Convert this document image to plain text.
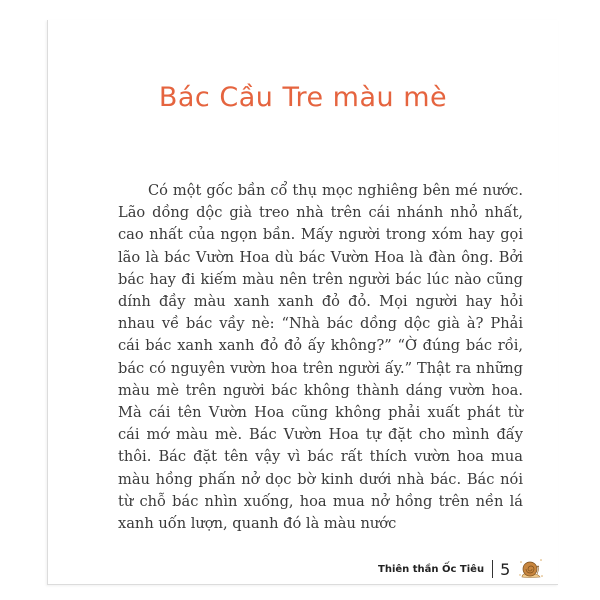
Bác Cầu Tre màu mè

Có một gốc bần cổ thụ mọc nghiêng bên mé nước. Lão dồng dộc già treo nhà trên cái nhánh nhỏ nhất, cao nhất của ngọn bần. Mấy người trong xóm hay gọi lão là bác Vườn Hoa dù bác Vườn Hoa là đàn ông. Bởi bác hay đi kiếm màu nên trên người bác lúc nào cũng dính đầy màu xanh xanh đỏ đỏ. Mọi người hay hỏi nhau về bác vầy nè: “Nhà bác dồng dộc già à? Phải cái bác xanh xanh đỏ đỏ ấy không?” “Ờ đúng bác rồi, bác có nguyên vườn hoa trên người ấy.” Thật ra những màu mè trên người bác không thành dáng vườn hoa. Mà cái tên Vườn Hoa cũng không phải xuất phát từ cái mớ màu mè. Bác Vườn Hoa tự đặt cho mình đấy thôi. Bác đặt tên vậy vì bác rất thích vườn hoa mua màu hồng phấn nở dọc bờ kinh dưới nhà bác. Bác nói từ chỗ bác nhìn xuống, hoa mua nở hồng trên nền lá xanh uốn lượn, quanh đó là màu nước

Thiên thần Ốc Tiêu 5
